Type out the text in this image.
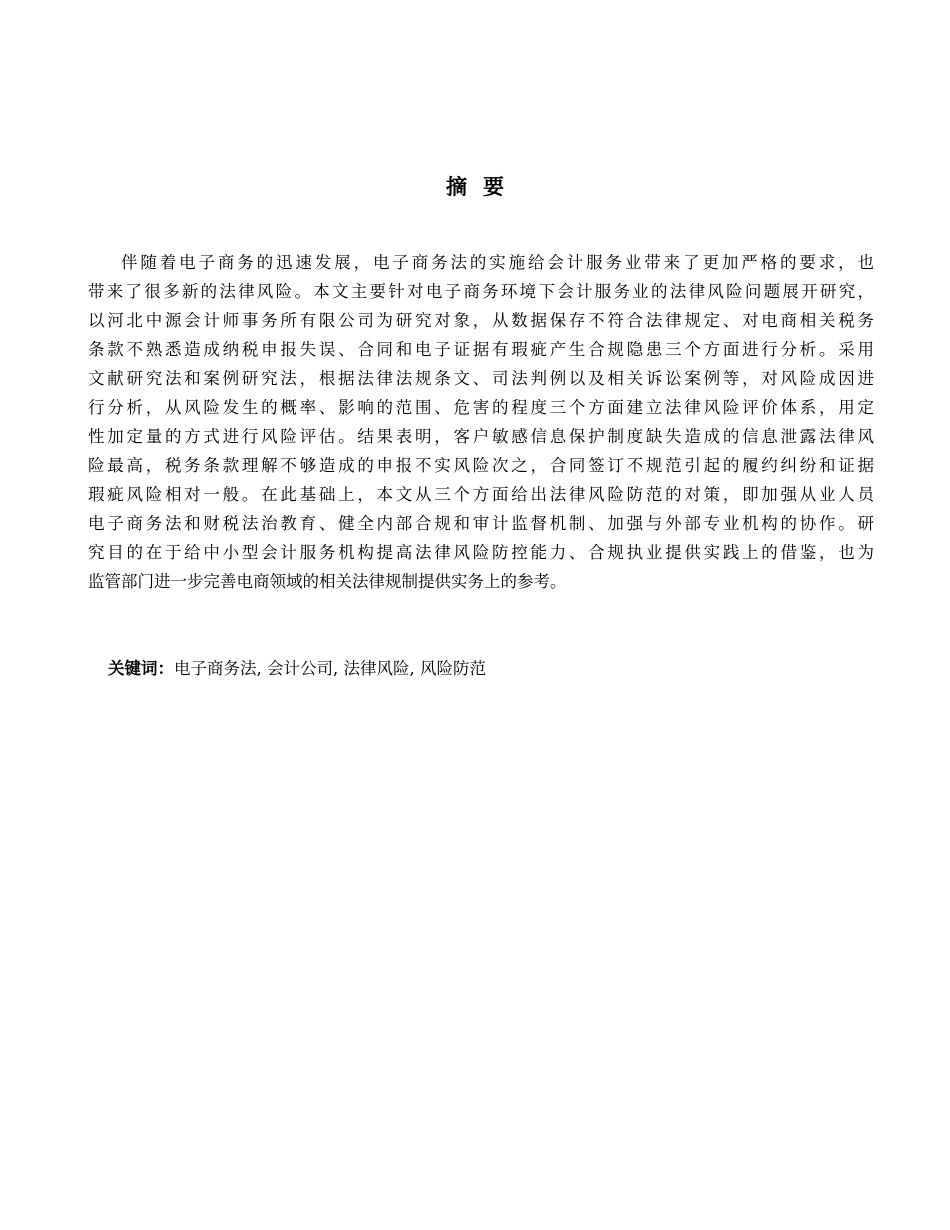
摘要
伴随着电子商务的迅速发展，电子商务法的实施给会计服务业带来了更加严格的要求，也
带来了很多新的法律风险。本文主要针对电子商务环境下会计服务业的法律风险问题展开研究，
以河北中源会计师事务所有限公司为研究对象，从数据保存不符合法律规定、对电商相关税务
条款不熟悉造成纳税申报失误、合同和电子证据有瑕疵产生合规隐患三个方面进行分析。采用
文献研究法和案例研究法，根据法律法规条文、司法判例以及相关诉讼案例等，对风险成因进
行分析，从风险发生的概率、影响的范围、危害的程度三个方面建立法律风险评价体系，用定
性加定量的方式进行风险评估。结果表明，客户敏感信息保护制度缺失造成的信息泄露法律风
险最高，税务条款理解不够造成的申报不实风险次之，合同签订不规范引起的履约纠纷和证据
瑕疵风险相对一般。在此基础上，本文从三个方面给出法律风险防范的对策，即加强从业人员
电子商务法和财税法治教育、健全内部合规和审计监督机制、加强与外部专业机构的协作。研
究目的在于给中小型会计服务机构提高法律风险防控能力、合规执业提供实践上的借鉴，也为
监管部门进一步完善电商领域的相关法律规制提供实务上的参考。
关键词：电子商务法, 会计公司, 法律风险, 风险防范
